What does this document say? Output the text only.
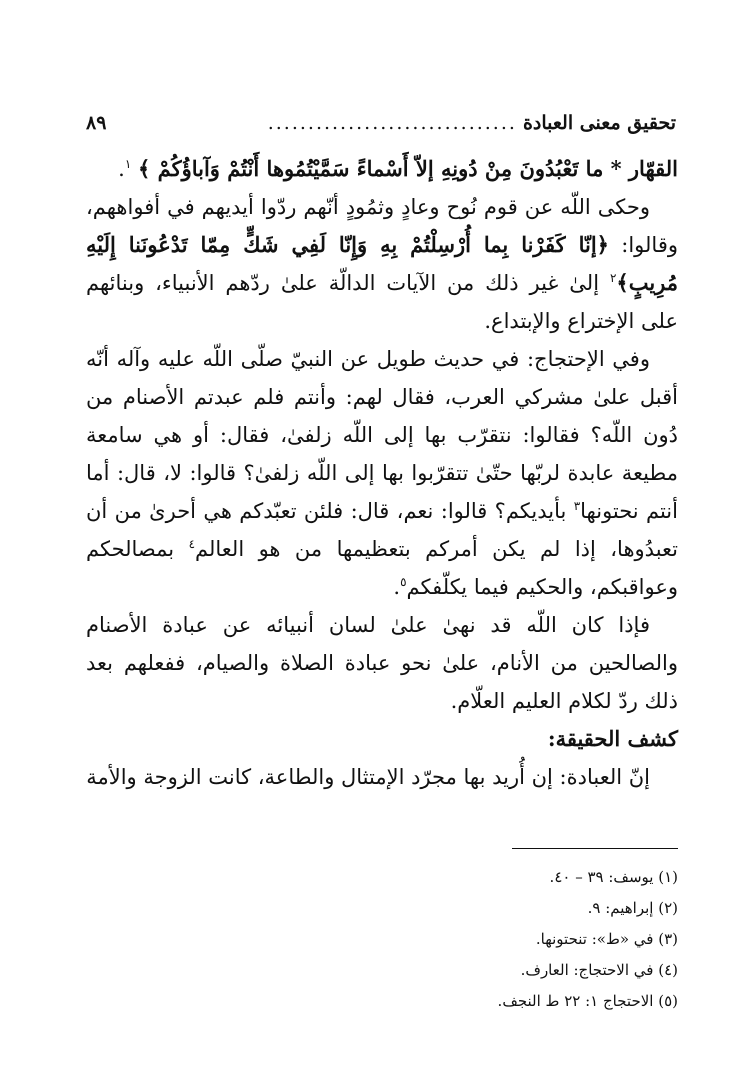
تحقيق معنى العبادة
...............................
٨٩

القهّار * ما تَعْبُدُونَ مِنْ دُونِهِ إلاّ أَسْماءً سَمَّيْتُمُوها أَنْتُمْ وَآباؤُكُمْ ﴾ $^١$.

وحكى اللّه عن قوم نُوح وعادٍ وثمُودٍ أنّهم ردّوا أيديهم في أفواههم، وقالوا: ﴿إنّا كَفَرْنا بِما أُرْسِلْتُمْ بِهِ وَإِنّا لَفِي شَكٍّ مِمّا تَدْعُونَنا إِلَيْهِ مُرِيبٍ﴾$^٢$ إلىٰ غير ذلك من الآيات الدالّة علىٰ ردّهم الأنبياء، وبنائهم على الإختراع والإبتداع.

وفي الإحتجاج: في حديث طويل عن النبيّ صلّى اللّه عليه وآله أنّه أقبل علىٰ مشركي العرب، فقال لهم: وأنتم فلم عبدتم الأصنام من دُون اللّه؟ فقالوا: نتقرّب بها إلى اللّه زلفىٰ، فقال: أو هي سامعة مطيعة عابدة لربّها حتّىٰ تتقرّبوا بها إلى اللّه زلفىٰ؟ قالوا: لا، قال: أما أنتم نحتونها$^٣$ بأيديكم؟ قالوا: نعم، قال: فلئن تعبّدكم هي أحرىٰ من أن تعبدُوها، إذا لم يكن أمركم بتعظيمها من هو العالم$^٤$ بمصالحكم وعواقبكم، والحكيم فيما يكلّفكم$^٥$.

فإذا كان اللّه قد نهىٰ علىٰ لسان أنبيائه عن عبادة الأصنام والصالحين من الأنام، علىٰ نحو عبادة الصلاة والصيام، ففعلهم بعد ذلك ردّ لكلام العليم العلّام.

كشف الحقيقة:

إنّ العبادة: إن أُريد بها مجرّد الإمتثال والطاعة، كانت الزوجة والأمة

(١) يوسف: ٣٩ – ٤٠.

(٢) إبراهيم: ٩.

(٣) في «ط»: تنحتونها.

(٤) في الاحتجاج: العارف.

(٥) الاحتجاج ١: ٢٢ ط النجف.
